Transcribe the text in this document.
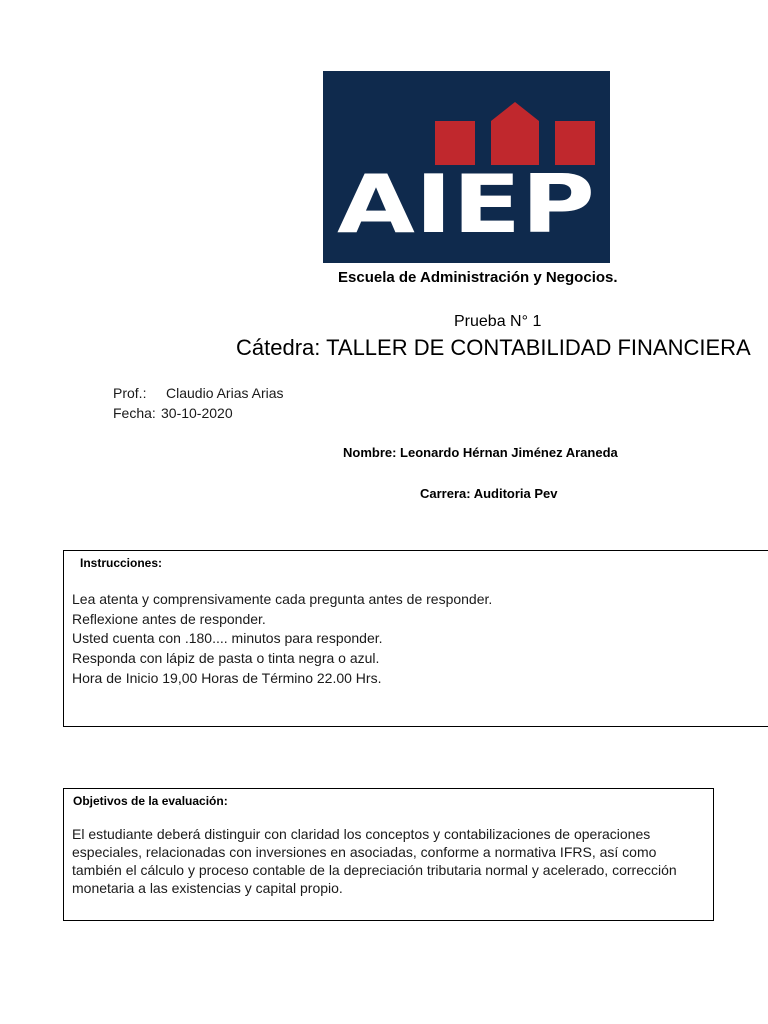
AIEP
Escuela de Administración y Negocios.
Prueba N° 1
Cátedra: TALLER DE CONTABILIDAD FINANCIERA
Prof.: Claudio Arias Arias
Fecha: 30-10-2020
Nombre: Leonardo Hérnan Jiménez Araneda
Carrera: Auditoria Pev
Instrucciones:
Lea atenta y comprensivamente cada pregunta antes de responder.
Reflexione antes de responder.
Usted cuenta con .180.... minutos para responder.
Responda con lápiz de pasta o tinta negra o azul.
Hora de Inicio 19,00 Horas de Término 22.00 Hrs.
Objetivos de la evaluación:

El estudiante deberá distinguir con claridad los conceptos y contabilizaciones de operaciones especiales, relacionadas con inversiones en asociadas, conforme a normativa IFRS, así como también el cálculo y proceso contable de la depreciación tributaria normal y acelerado, corrección monetaria a las existencias y capital propio.
